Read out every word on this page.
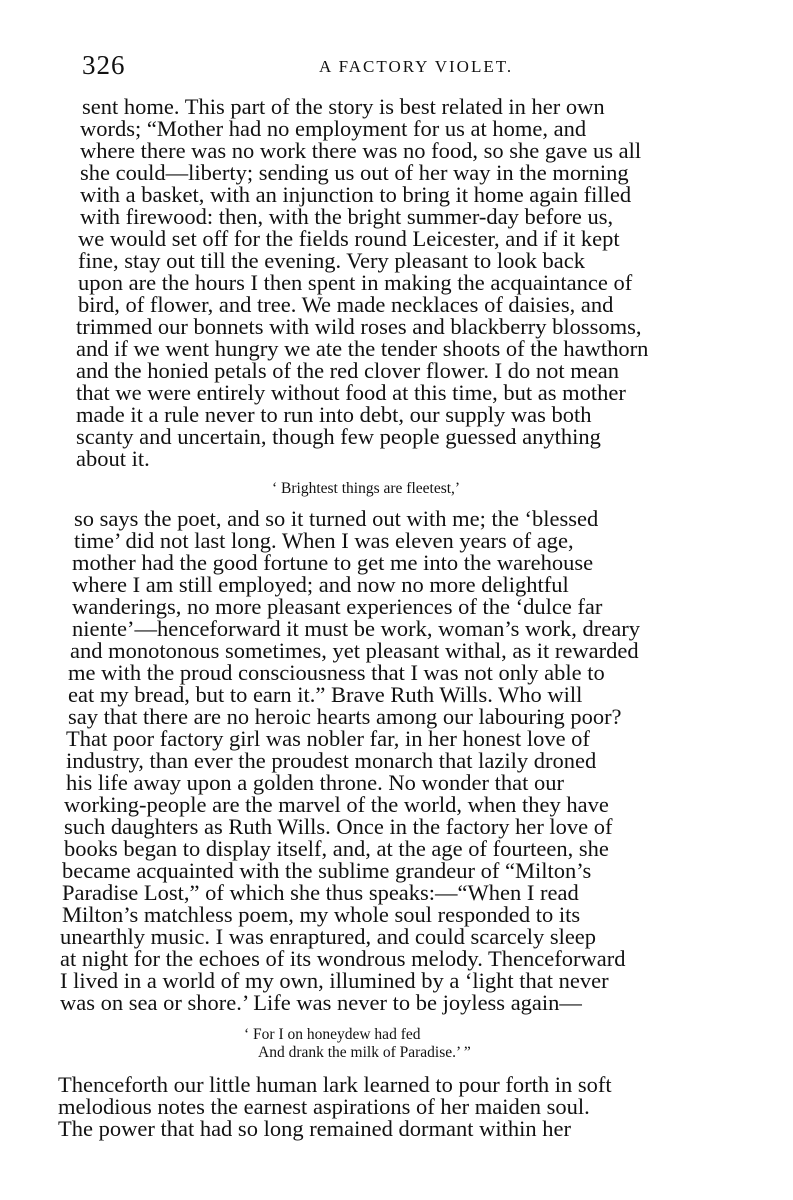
326	A FACTORY VIOLET.
sent home. This part of the story is best related in her own
words; “Mother had no employment for us at home, and
where there was no work there was no food, so she gave us all
she could—liberty; sending us out of her way in the morning
with a basket, with an injunction to bring it home again filled
with firewood: then, with the bright summer-day before us,
we would set off for the fields round Leicester, and if it kept
fine, stay out till the evening. Very pleasant to look back
upon are the hours I then spent in making the acquaintance of
bird, of flower, and tree. We made necklaces of daisies, and
trimmed our bonnets with wild roses and blackberry blossoms,
and if we went hungry we ate the tender shoots of the hawthorn
and the honied petals of the red clover flower. I do not mean
that we were entirely without food at this time, but as mother
made it a rule never to run into debt, our supply was both
scanty and uncertain, though few people guessed anything
about it.
‘ Brightest things are fleetest,’
so says the poet, and so it turned out with me; the ‘blessed
time’ did not last long. When I was eleven years of age,
mother had the good fortune to get me into the warehouse
where I am still employed; and now no more delightful
wanderings, no more pleasant experiences of the ‘dulce far
niente’—henceforward it must be work, woman’s work, dreary
and monotonous sometimes, yet pleasant withal, as it rewarded
me with the proud consciousness that I was not only able to
eat my bread, but to earn it.” Brave Ruth Wills. Who will
say that there are no heroic hearts among our labouring poor?
That poor factory girl was nobler far, in her honest love of
industry, than ever the proudest monarch that lazily droned
his life away upon a golden throne. No wonder that our
working-people are the marvel of the world, when they have
such daughters as Ruth Wills. Once in the factory her love of
books began to display itself, and, at the age of fourteen, she
became acquainted with the sublime grandeur of “Milton’s
Paradise Lost,” of which she thus speaks:—“When I read
Milton’s matchless poem, my whole soul responded to its
unearthly music. I was enraptured, and could scarcely sleep
at night for the echoes of its wondrous melody. Thenceforward
I lived in a world of my own, illumined by a ‘light that never
was on sea or shore.’ Life was never to be joyless again—
‘ For I on honeydew had fed
And drank the milk of Paradise.’ ”
Thenceforth our little human lark learned to pour forth in soft
melodious notes the earnest aspirations of her maiden soul.
The power that had so long remained dormant within her
